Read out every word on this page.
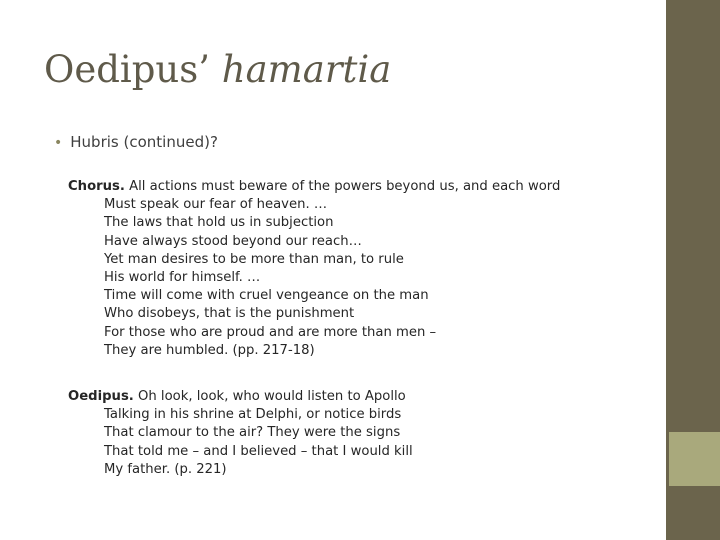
Oedipus’ hamartia
• Hubris (continued)?
Chorus. All actions must beware of the powers beyond us, and each word
Must speak our fear of heaven. …
The laws that hold us in subjection
Have always stood beyond our reach…
Yet man desires to be more than man, to rule
His world for himself. …
Time will come with cruel vengeance on the man
Who disobeys, that is the punishment
For those who are proud and are more than men –
They are humbled. (pp. 217-18)
Oedipus. Oh look, look, who would listen to Apollo
Talking in his shrine at Delphi, or notice birds
That clamour to the air? They were the signs
That told me – and I believed – that I would kill
My father. (p. 221)
